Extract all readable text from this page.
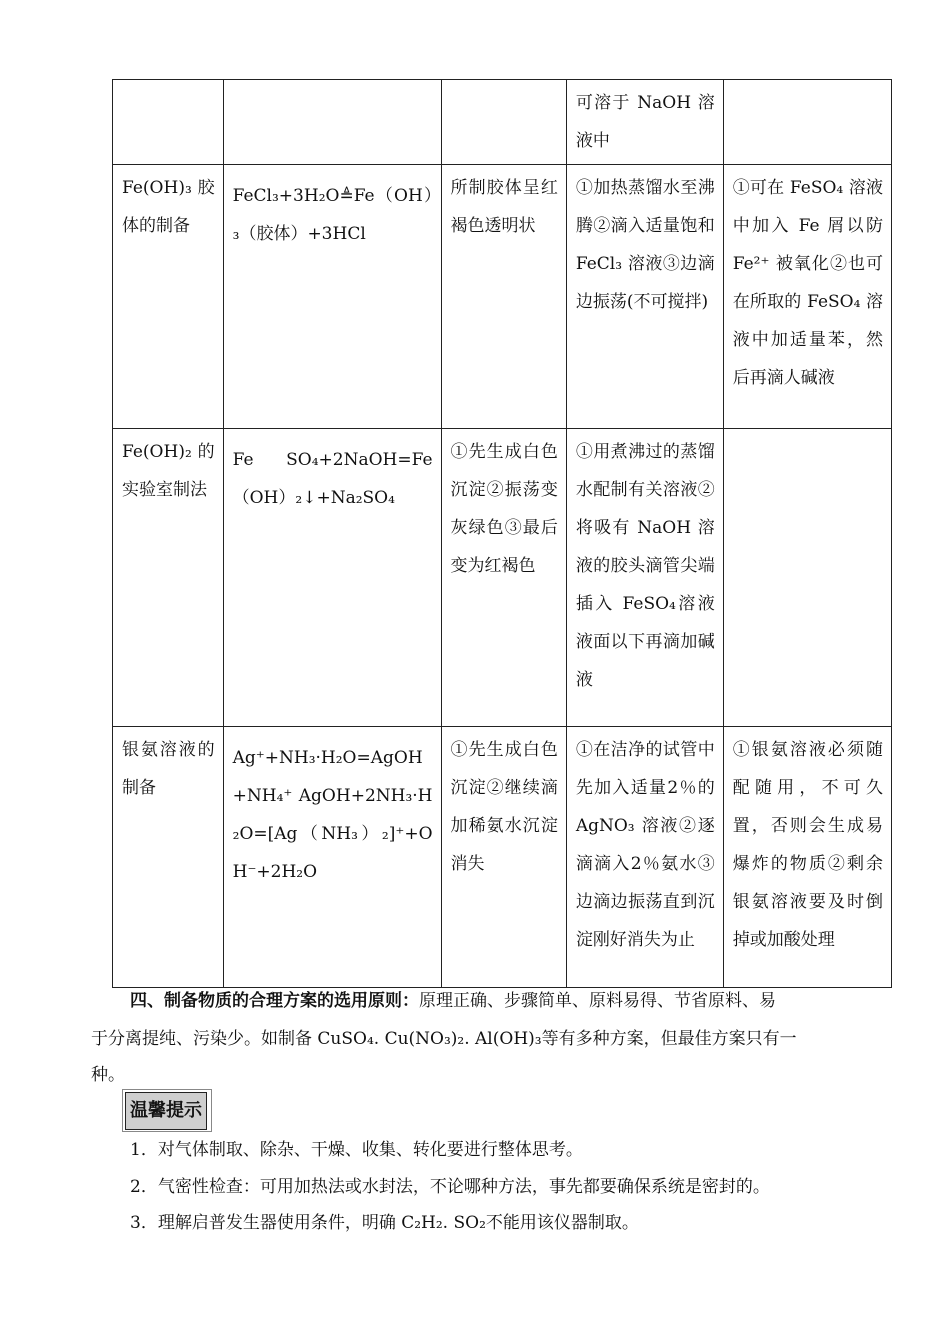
			可溶于 NaOH 溶液中	
Fe(OH)₃ 胶体的制备	FeCl₃+3H₂O≜Fe（OH）₃（胶体）+3HCl	所制胶体呈红褐色透明状	①加热蒸馏水至沸腾②滴入适量饱和 FeCl₃ 溶液③边滴边振荡(不可搅拌)	①可在 FeSO₄ 溶液中加入 Fe 屑以防 Fe²⁺ 被氧化②也可在所取的 FeSO₄ 溶液中加适量苯，然后再滴人碱液
Fe(OH)₂ 的实验室制法	Fe SO₄+2NaOH=Fe（OH）₂↓+Na₂SO₄	①先生成白色沉淀②振荡变灰绿色③最后变为红褐色	①用煮沸过的蒸馏水配制有关溶液②将吸有 NaOH 溶液的胶头滴管尖端插入 FeSO₄溶液液面以下再滴加碱液	
银氨溶液的制备	Ag⁺+NH₃·H₂O=AgOH+NH₄⁺ AgOH+2NH₃·H₂O=[Ag（NH₃）₂]⁺+OH⁻+2H₂O	①先生成白色沉淀②继续滴加稀氨水沉淀消失	①在洁净的试管中先加入适量2％的 AgNO₃ 溶液②逐滴滴入2％氨水③边滴边振荡直到沉淀刚好消失为止	①银氨溶液必须随配随用，不可久置，否则会生成易爆炸的物质②剩余银氨溶液要及时倒掉或加酸处理
四、制备物质的合理方案的选用原则：原理正确、步骤简单、原料易得、节省原料、易
于分离提纯、污染少。如制备 CuSO₄. Cu(NO₃)₂. Al(OH)₃等有多种方案，但最佳方案只有一
种。
温馨提示
1．对气体制取、除杂、干燥、收集、转化要进行整体思考。
2．气密性检查：可用加热法或水封法，不论哪种方法，事先都要确保系统是密封的。
3．理解启普发生器使用条件，明确 C₂H₂. SO₂不能用该仪器制取。
